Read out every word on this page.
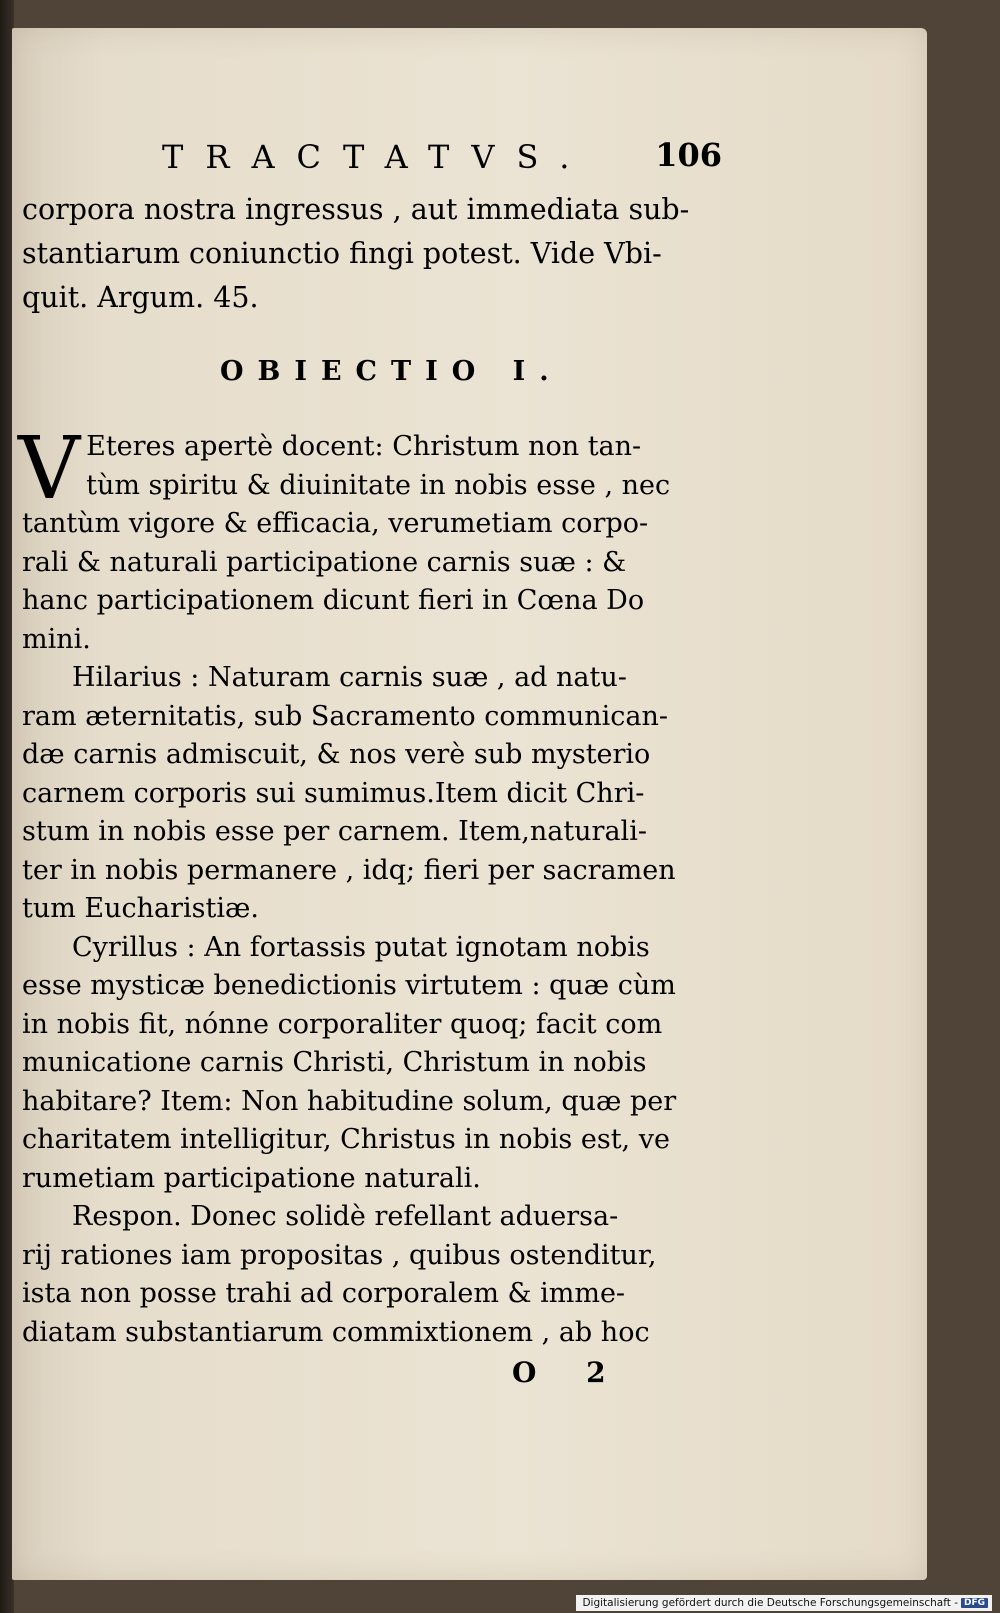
TRACTATVS. 106
corpora nostra ingressus , aut immediata sub-
stantiarum coniunctio fingi potest. Vide Vbi-
quit. Argum. 45.
OBIECTIO I.
V Eteres apertè docent: Christum non tan-
tùm spiritu & diuinitate in nobis esse , nec
tantùm vigore & efficacia, verumetiam corpo-
rali & naturali participatione carnis suæ : &
hanc participationem dicunt fieri in Cœna Do
mini.
Hilarius : Naturam carnis suæ , ad natu-
ram æternitatis, sub Sacramento communican-
dæ carnis admiscuit, & nos verè sub mysterio
carnem corporis sui sumimus.Item dicit Chri-
stum in nobis esse per carnem. Item,naturali-
ter in nobis permanere , idq; fieri per sacramen
tum Eucharistiæ.
Cyrillus : An fortassis putat ignotam nobis
esse mysticæ benedictionis virtutem : quæ cùm
in nobis fit, nónne corporaliter quoq; facit com
municatione carnis Christi, Christum in nobis
habitare? Item: Non habitudine solum, quæ per
charitatem intelligitur, Christus in nobis est, ve
rumetiam participatione naturali.
Respon. Donec solidè refellant aduersa-
rij rationes iam propositas , quibus ostenditur,
ista non posse trahi ad corporalem & imme-
diatam substantiarum commixtionem , ab hoc
O 2
Digitalisierung gefördert durch die Deutsche Forschungsgemeinschaft - DFG
